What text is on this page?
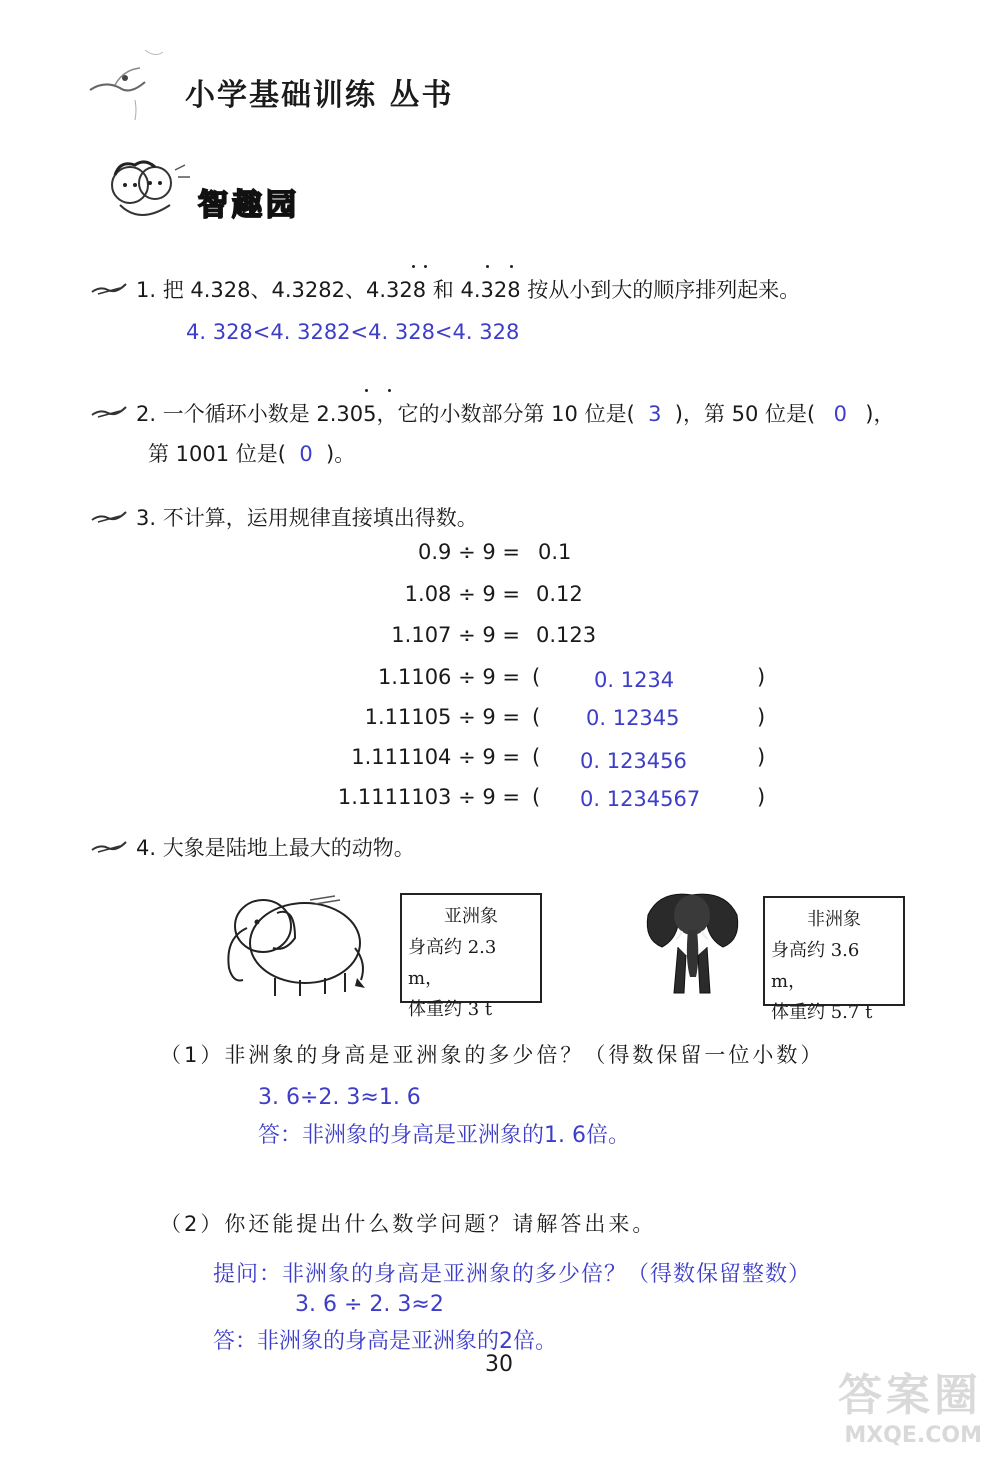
小学基础训练 丛书
智趣园
1. 把 4.328、4.3282、4.328 和 4.328 按从小到大的顺序排列起来。
4. 328<4. 3282<4. 328<4. 328
2. 一个循环小数是 2.305，它的小数部分第 10 位是( 3 )，第 50 位是( 0 )，
第 1001 位是( 0 )。
3. 不计算，运用规律直接填出得数。
0.9 ÷ 9 = 0.1
1.08 ÷ 9 = 0.12
1.107 ÷ 9 = 0.123
1.1106 ÷ 9 = (	0. 1234	)
1.11105 ÷ 9 = ( 0. 12345	)
1.111104 ÷ 9 = ( 0. 123456	)
1.1111103 ÷ 9 = ( 0. 1234567	)
4. 大象是陆地上最大的动物。
亚洲象
身高约 2.3 m，
体重约 3 t
非洲象
身高约 3.6 m，
体重约 5.7 t
（1）非洲象的身高是亚洲象的多少倍？（得数保留一位小数）
3. 6÷2. 3≈1. 6
答：非洲象的身高是亚洲象的1. 6倍。
（2）你还能提出什么数学问题？请解答出来。
提问：非洲象的身高是亚洲象的多少倍？（得数保留整数）
3. 6 ÷ 2. 3≈2
答：非洲象的身高是亚洲象的2倍。
30
答案圈
MXQE.COM
